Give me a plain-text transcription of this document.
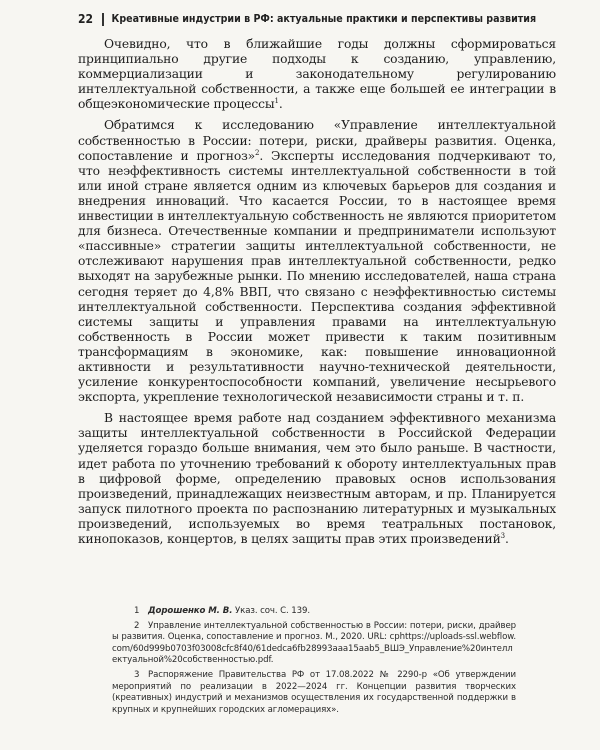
22 Креативные индустрии в РФ: актуальные практики и перспективы развития

Очевидно, что в ближайшие годы должны сформироваться принципиально другие подходы к созданию, управлению, коммерциализации и законодательному регулированию интеллектуальной собственности, а также еще большей ее интеграции в общеэкономические процессы$^1$.

Обратимся к исследованию «Управление интеллектуальной собственностью в России: потери, риски, драйверы развития. Оценка, сопоставление и прогноз»$^2$. Эксперты исследования подчеркивают то, что неэффективность системы интеллектуальной собственности в той или иной стране является одним из ключевых барьеров для создания и внедрения инноваций. Что касается России, то в настоящее время инвестиции в интеллектуальную собственность не являются приоритетом для бизнеса. Отечественные компании и предприниматели используют «пассивные» стратегии защиты интеллектуальной собственности, не отслеживают нарушения прав интеллектуальной собственности, редко выходят на зарубежные рынки. По мнению исследователей, наша страна сегодня теряет до 4,8% ВВП, что связано с неэффективностью системы интеллектуальной собственности. Перспектива создания эффективной системы защиты и управления правами на интеллектуальную собственность в России может привести к таким позитивным трансформациям в экономике, как: повышение инновационной активности и результативности научно-технической деятельности, усиление конкурентоспособности компаний, увеличение несырьевого экспорта, укрепление технологической независимости страны и т. п.

В настоящее время работе над созданием эффективного механизма защиты интеллектуальной собственности в Российской Федерации уделяется гораздо больше внимания, чем это было раньше. В частности, идет работа по уточнению требований к обороту интеллектуальных прав в цифровой форме, определению правовых основ использования произведений, принадлежащих неизвестным авторам, и пр. Планируется запуск пилотного проекта по распознанию литературных и музыкальных произведений, используемых во время театральных постановок, кинопоказов, концертов, в целях защиты прав этих произведений$^3$.

1 Дорошенко М. В. Указ. соч. С. 139.

2 Управление интеллектуальной собственностью в России: потери, риски, драйверы развития. Оценка, сопоставление и прогноз. М., 2020. URL: cphttps://uploads-ssl.webflow.com/60d999b0703f03008cfc8f40/61dedca6fb28993aaa15aab5_ВШЭ_Управление%20интеллектуальной%20собственностью.pdf.

3 Распоряжение Правительства РФ от 17.08.2022 № 2290-р «Об утверждении мероприятий по реализации в 2022—2024 гг. Концепции развития творческих (креативных) индустрий и механизмов осуществления их государственной поддержки в крупных и крупнейших городских агломерациях».
